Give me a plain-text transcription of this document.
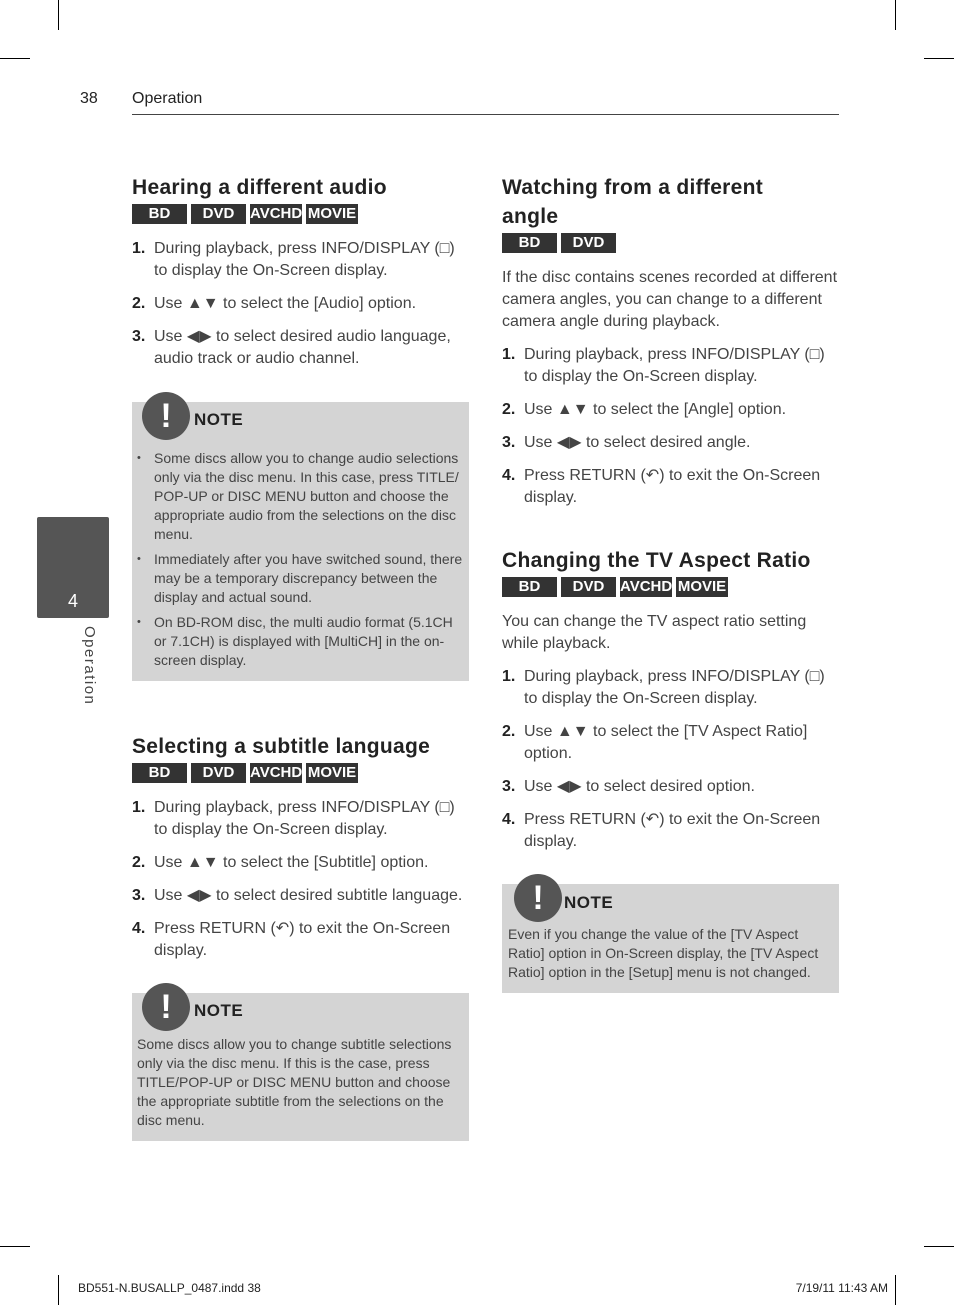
38 Operation
4
Operation
Hearing a different audio
BD	DVD	AVCHD MOVIE
1. During playback, press INFO/DISPLAY (□) to display the On-Screen display.
2. Use ▲▼ to select the [Audio] option.
3. Use ◀▶ to select desired audio language, audio track or audio channel.
!	NOTE
• Some discs allow you to change audio selections only via the disc menu. In this case, press TITLE/ POP-UP or DISC MENU button and choose the appropriate audio from the selections on the disc menu.
• Immediately after you have switched sound, there may be a temporary discrepancy between the display and actual sound.
• On BD-ROM disc, the multi audio format (5.1CH or 7.1CH) is displayed with [MultiCH] in the on-screen display.
Selecting a subtitle language
BD	DVD	AVCHD MOVIE
1. During playback, press INFO/DISPLAY (□) to display the On-Screen display.
2. Use ▲▼ to select the [Subtitle] option.
3. Use ◀▶ to select desired subtitle language.
4. Press RETURN (↶) to exit the On-Screen display.
!	NOTE
Some discs allow you to change subtitle selections only via the disc menu. If this is the case, press TITLE/POP-UP or DISC MENU button and choose the appropriate subtitle from the selections on the disc menu.
Watching from a different angle
BD	DVD
If the disc contains scenes recorded at different camera angles, you can change to a different camera angle during playback.
1. During playback, press INFO/DISPLAY (□) to display the On-Screen display.
2. Use ▲▼ to select the [Angle] option.
3. Use ◀▶ to select desired angle.
4. Press RETURN (↶) to exit the On-Screen display.
Changing the TV Aspect Ratio
BD	DVD	AVCHD MOVIE
You can change the TV aspect ratio setting while playback.
1. During playback, press INFO/DISPLAY (□) to display the On-Screen display.
2. Use ▲▼ to select the [TV Aspect Ratio] option.
3. Use ◀▶ to select desired option.
4. Press RETURN (↶) to exit the On-Screen display.
!	NOTE
Even if you change the value of the [TV Aspect Ratio] option in On-Screen display, the [TV Aspect Ratio] option in the [Setup] menu is not changed.
BD551-N.BUSALLP_0487.indd 38	7/19/11 11:43 AM
